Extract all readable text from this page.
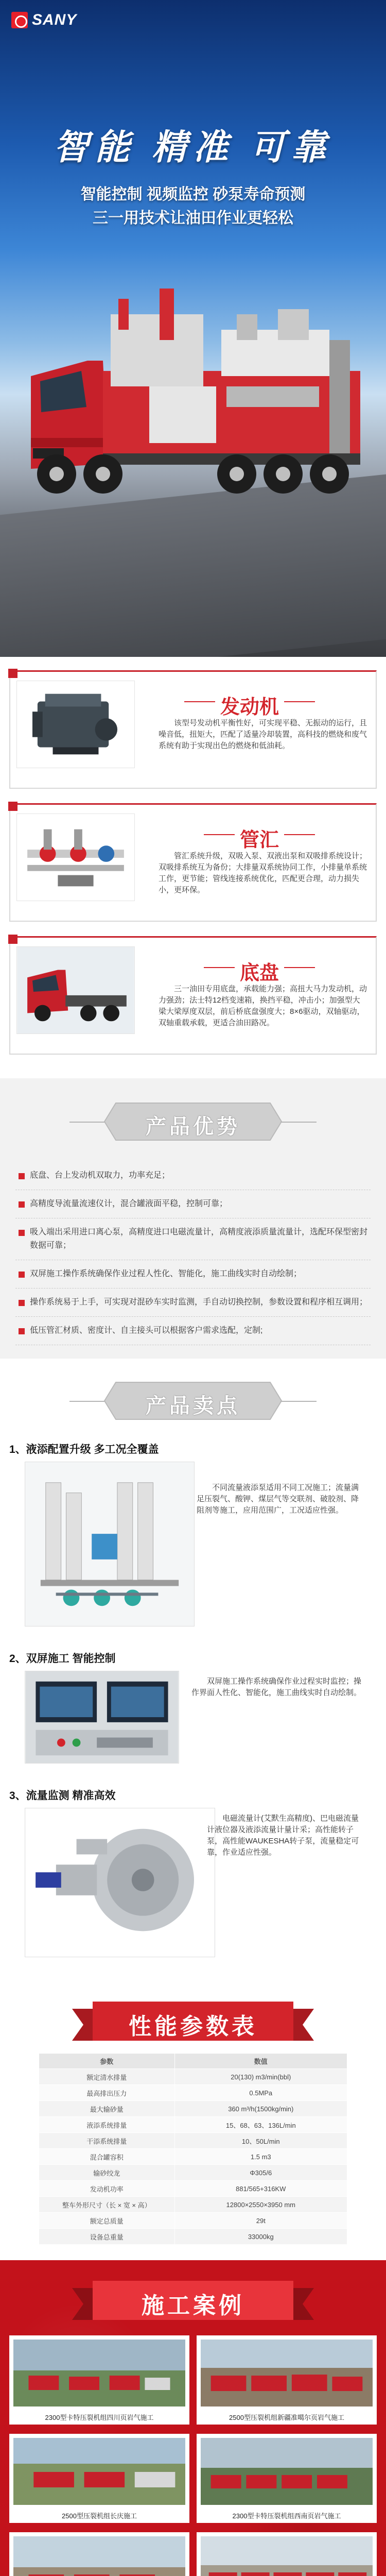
SANY
智能 精准 可靠
智能控制 视频监控 砂泵寿命预测
三一用技术让油田作业更轻松
发动机
该型号发动机平衡性好，可实现平稳、无振动的运行，且噪音低，扭矩大，匹配了适量冷却装置，高科技的燃烧和废气系统有助于实现出色的燃烧和低油耗。
管汇
管汇系统升级，双吸入泵、双液出泵和双吸排系统设计；双吸排系统互为备份；大排量双系统协同工作，小排量单系统工作，更节能；管线连接系统优化，匹配更合理，动力损失小，更环保。
底盘
三一油田专用底盘，承载能力强；高扭大马力发动机，动力强劲；法士特12档变速箱，换挡平稳，冲击小；加强型大梁大梁厚度双层，前后桥底盘强度大；8×6驱动，双轴驱动，双轴重载承载，更适合油田路况。
产品优势
底盘、台上发动机双取力，功率充足；
高精度导流量流速仪计，混合罐液面平稳，控制可靠；
吸入端出采用进口离心泵，高精度进口电磁流量计，高精度液添质量流量计，选配环保型密封数据可靠；
双屏施工操作系统确保作业过程人性化、智能化，施工曲线实时自动绘制；
操作系统易于上手，可实现对混砂车实时监测，手自动切换控制，参数设置和程序相互调用；
低压管汇材质、密度计、自主接头可以根据客户需求选配，定制;
产品卖点
1、液添配置升级 多工况全覆盖
不同流量液添泵适用不同工况施工；流量满足压裂气、酸钾、煤层气等交联剂、破胶剂、降阻剂等施工，应用范围广，工况适应性强。
2、双屏施工 智能控制
双屏施工操作系统确保作业过程实时监控；操作界面人性化、智能化，施工曲线实时自动绘制。
3、流量监测 精准高效
电磁流量计(艾默生高精度)、巴电磁流量计液位器及液添流量计量计采；高性能转子泵，高性能WAUKESHA转子泵，流量稳定可靠，作业适应性强。
性能参数表
参数	数值
额定清水排量	20(130) m3/min(bbl)
最高排出压力	0.5MPa
最大输砂量	360 m³/h(1500kg/min)
液添系统排量	15、68、63、136L/min
干添系统排量	10、50L/min
混合罐容积	1.5 m3
输砂绞龙	Φ305/6
发动机功率	881/565+316KW
整车外形尺寸（长 × 宽 × 高）	12800×2550×3950 mm
额定总质量	29t
设备总重量	33000kg
施工案例
2300型卡特压裂机组四川页岩气施工	2500型压裂机组新疆准噶尔页岩气施工
2500型压裂机组长庆施工	2300型卡特压裂机组西南页岩气施工
